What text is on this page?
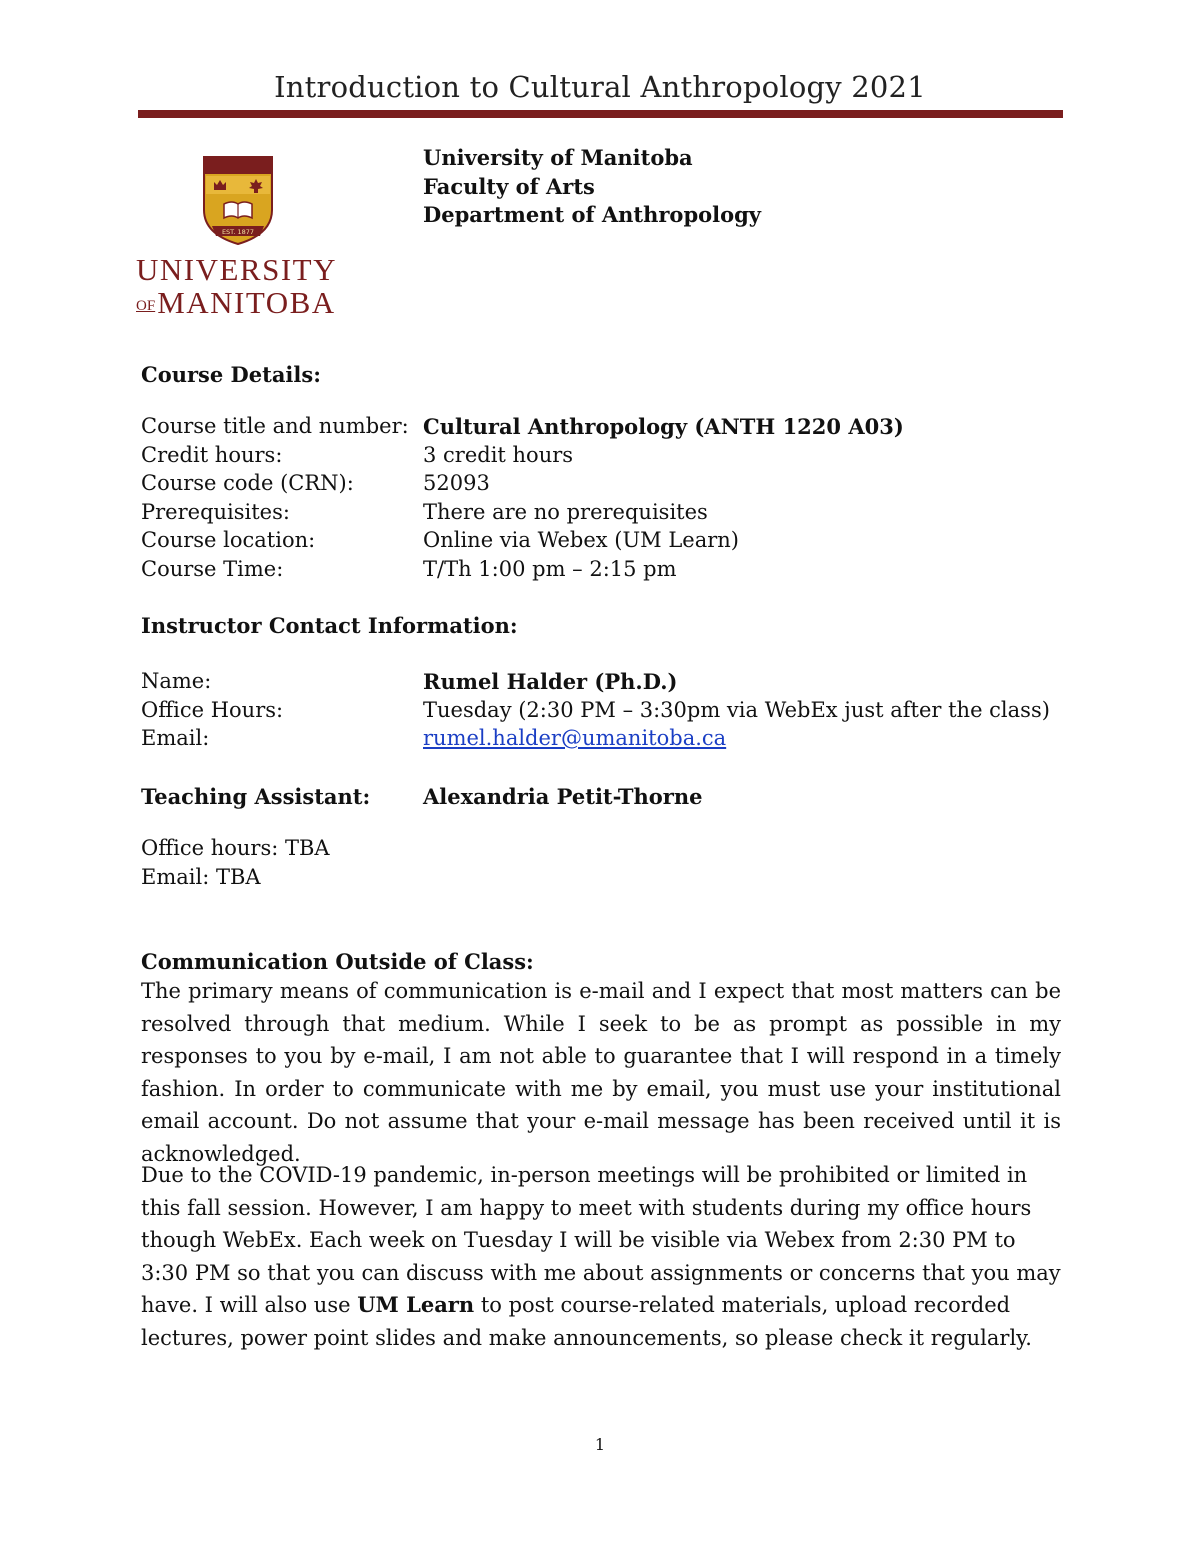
Introduction to Cultural Anthropology 2021
EST. 1877
UNIVERSITY
OFMANITOBA
University of Manitoba
Faculty of Arts
Department of Anthropology
Course Details:
Course title and number: Cultural Anthropology (ANTH 1220 A03)
Credit hours:	3 credit hours
Course code (CRN):	52093
Prerequisites:	There are no prerequisites
Course location:	Online via Webex (UM Learn)
Course Time:	T/Th 1:00 pm – 2:15 pm
Instructor Contact Information:
Name:	Rumel Halder (Ph.D.)
Office Hours:	Tuesday (2:30 PM – 3:30pm via WebEx just after the class)
Email:	rumel.halder@umanitoba.ca
Teaching Assistant:	Alexandria Petit-Thorne
Office hours: TBA
Email: TBA
Communication Outside of Class:
The primary means of communication is e-mail and I expect that most matters can be resolved through that medium. While I seek to be as prompt as possible in my responses to you by e-mail, I am not able to guarantee that I will respond in a timely fashion. In order to communicate with me by email, you must use your institutional email account. Do not assume that your e-mail message has been received until it is acknowledged.
Due to the COVID-19 pandemic, in-person meetings will be prohibited or limited in this fall session. However, I am happy to meet with students during my office hours though WebEx. Each week on Tuesday I will be visible via Webex from 2:30 PM to 3:30 PM so that you can discuss with me about assignments or concerns that you may have. I will also use UM Learn to post course-related materials, upload recorded lectures, power point slides and make announcements, so please check it regularly.
1
